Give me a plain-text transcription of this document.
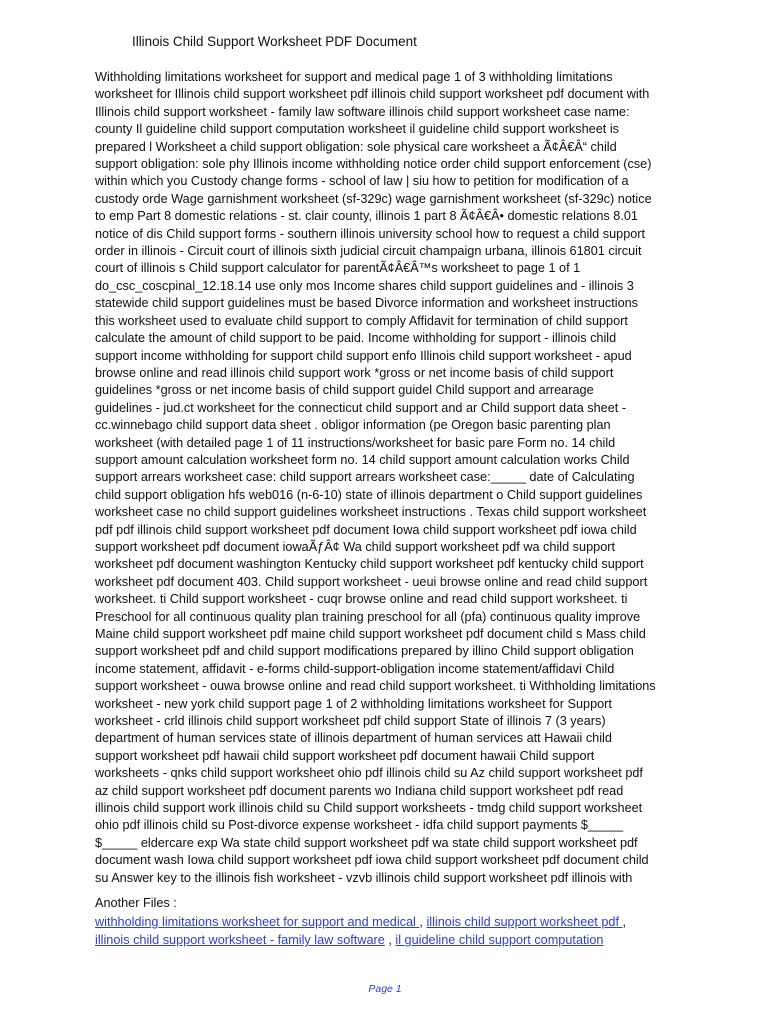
Illinois Child Support Worksheet PDF Document
Withholding limitations worksheet for support and medical page 1 of 3 withholding limitations
worksheet for Illinois child support worksheet pdf illinois child support worksheet pdf document with
Illinois child support worksheet - family law software illinois child support worksheet case name:
county Il guideline child support computation worksheet il guideline child support worksheet is
prepared l Worksheet a child support obligation: sole physical care worksheet a Ã¢Â€Â“ child
support obligation: sole phy Illinois income withholding notice order child support enforcement (cse)
within which you Custody change forms - school of law | siu how to petition for modification of a
custody orde Wage garnishment worksheet (sf-329c) wage garnishment worksheet (sf-329c) notice
to emp Part 8 domestic relations - st. clair county, illinois 1 part 8 Ã¢Â€Â• domestic relations 8.01
notice of dis Child support forms - southern illinois university school how to request a child support
order in illinois - Circuit court of illinois sixth judicial circuit champaign urbana, illinois 61801 circuit
court of illinois s Child support calculator for parentÃ¢Â€Â™s worksheet to page 1 of 1
do_csc_coscpinal_12.18.14 use only mos Income shares child support guidelines and - illinois 3
statewide child support guidelines must be based Divorce information and worksheet instructions
this worksheet used to evaluate child support to comply Affidavit for termination of child support
calculate the amount of child support to be paid. Income withholding for support - illinois child
support income withholding for support child support enfo Illinois child support worksheet - apud
browse online and read illinois child support work *gross or net income basis of child support
guidelines *gross or net income basis of child support guidel Child support and arrearage
guidelines - jud.ct worksheet for the connecticut child support and ar Child support data sheet -
cc.winnebago child support data sheet . obligor information (pe Oregon basic parenting plan
worksheet (with detailed page 1 of 11 instructions/worksheet for basic pare Form no. 14 child
support amount calculation worksheet form no. 14 child support amount calculation works Child
support arrears worksheet case: child support arrears worksheet case:_____ date of Calculating
child support obligation hfs web016 (n-6-10) state of illinois department o Child support guidelines
worksheet case no child support guidelines worksheet instructions . Texas child support worksheet
pdf pdf illinois child support worksheet pdf document Iowa child support worksheet pdf iowa child
support worksheet pdf document iowaÃƒÂ¢ Wa child support worksheet pdf wa child support
worksheet pdf document washington Kentucky child support worksheet pdf kentucky child support
worksheet pdf document 403. Child support worksheet - ueui browse online and read child support
worksheet. ti Child support worksheet - cuqr browse online and read child support worksheet. ti
Preschool for all continuous quality plan training preschool for all (pfa) continuous quality improve
Maine child support worksheet pdf maine child support worksheet pdf document child s Mass child
support worksheet pdf and child support modifications prepared by illino Child support obligation
income statement, affidavit - e-forms child-support-obligation income statement/affidavi Child
support worksheet - ouwa browse online and read child support worksheet. ti Withholding limitations
worksheet - new york child support page 1 of 2 withholding limitations worksheet for Support
worksheet - crld illinois child support worksheet pdf child support State of illinois 7 (3 years)
department of human services state of illinois department of human services att Hawaii child
support worksheet pdf hawaii child support worksheet pdf document hawaii Child support
worksheets - qnks child support worksheet ohio pdf illinois child su Az child support worksheet pdf
az child support worksheet pdf document parents wo Indiana child support worksheet pdf read
illinois child support work illinois child su Child support worksheets - tmdg child support worksheet
ohio pdf illinois child su Post-divorce expense worksheet - idfa child support payments $_____
$_____ eldercare exp Wa state child support worksheet pdf wa state child support worksheet pdf
document wash Iowa child support worksheet pdf iowa child support worksheet pdf document child
su Answer key to the illinois fish worksheet - vzvb illinois child support worksheet pdf illinois with
Another Files :
withholding limitations worksheet for support and medical , illinois child support worksheet pdf ,
illinois child support worksheet - family law software , il guideline child support computation
Page 1
